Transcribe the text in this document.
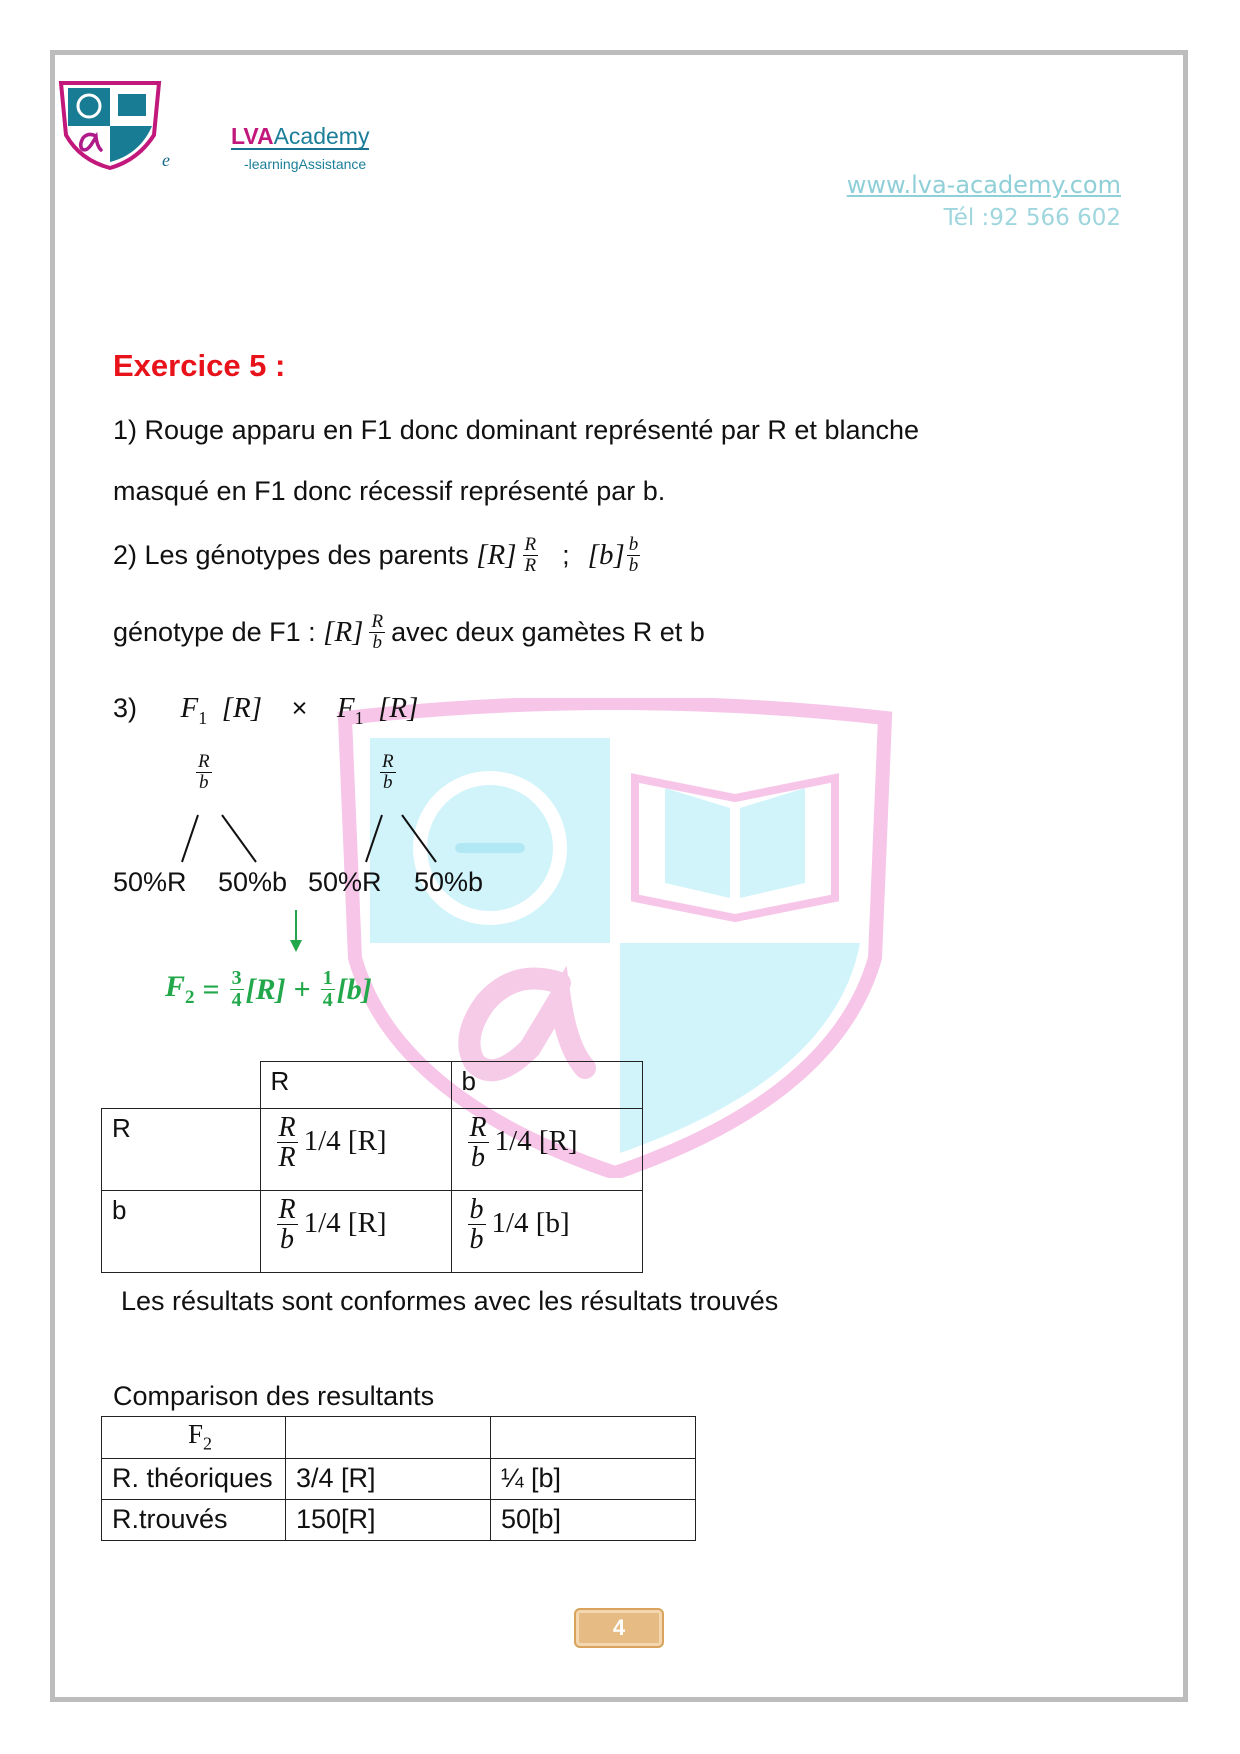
e
LVAAcademy
-learningAssistance
www.lva-academy.com
Tél :92 566 602
Exercice 5 :
1) Rouge apparu en F1 donc dominant représenté par R et blanche
masqué en F1 donc récessif représenté par b.
2) Les génotypes des parents
$[R] \frac{R}{R}$ ; $[b] \frac{b}{b}$
génotype de F1 :
$[R] \frac{R}{b}$ avec deux gamètes R et b
3) $F_1$ $[R] \times F_1$ [R]
$\frac{R}{b}$	$\frac{R}{b}$
50%R 50%b 50%R 50%b
$F_2 = \frac{3}{4} [R] + \frac{1}{4} [b]$
	R	b
R	$\frac{R}{R} 1/4$ [R]	$\frac{R}{b} 1/4$ [R]
b	$\frac{R}{b} 1/4$ [R]	$\frac{b}{b} 1/4$ [b]
Les résultats sont conformes avec les résultats trouvés
Comparison des resultants
$F_2$		
R. théoriques	3/4 [R]	¼ [b]
R.trouvés	150[R]	50[b]
4
